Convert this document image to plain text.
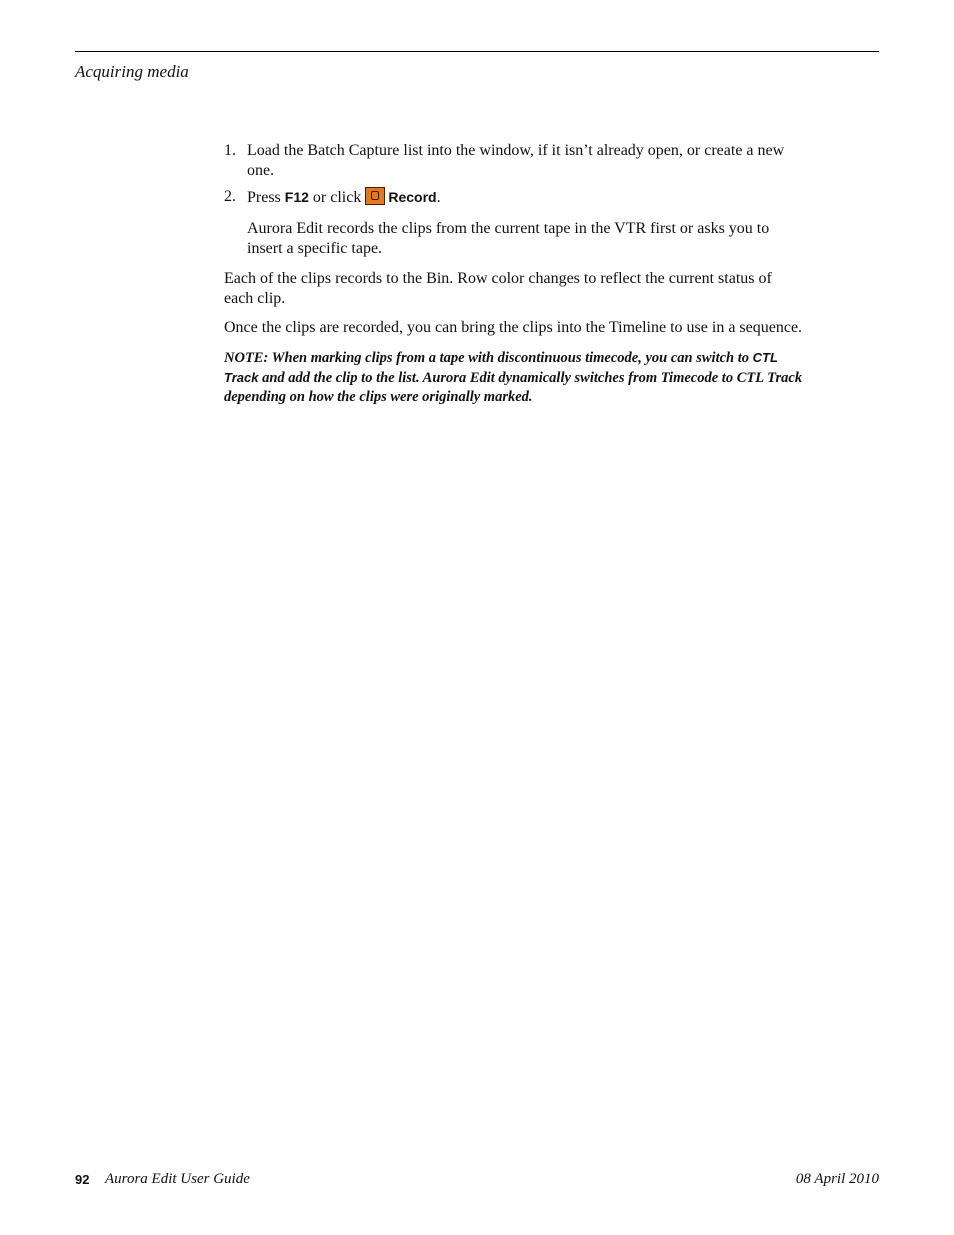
Acquiring media
1. Load the Batch Capture list into the window, if it isn’t already open, or create a new one.
2. Press F12 or click Record.
Aurora Edit records the clips from the current tape in the VTR first or asks you to insert a specific tape.
Each of the clips records to the Bin. Row color changes to reflect the current status of each clip.
Once the clips are recorded, you can bring the clips into the Timeline to use in a sequence.
NOTE: When marking clips from a tape with discontinuous timecode, you can switch to CTL Track and add the clip to the list. Aurora Edit dynamically switches from Timecode to CTL Track depending on how the clips were originally marked.
92 Aurora Edit User Guide	08 April 2010
